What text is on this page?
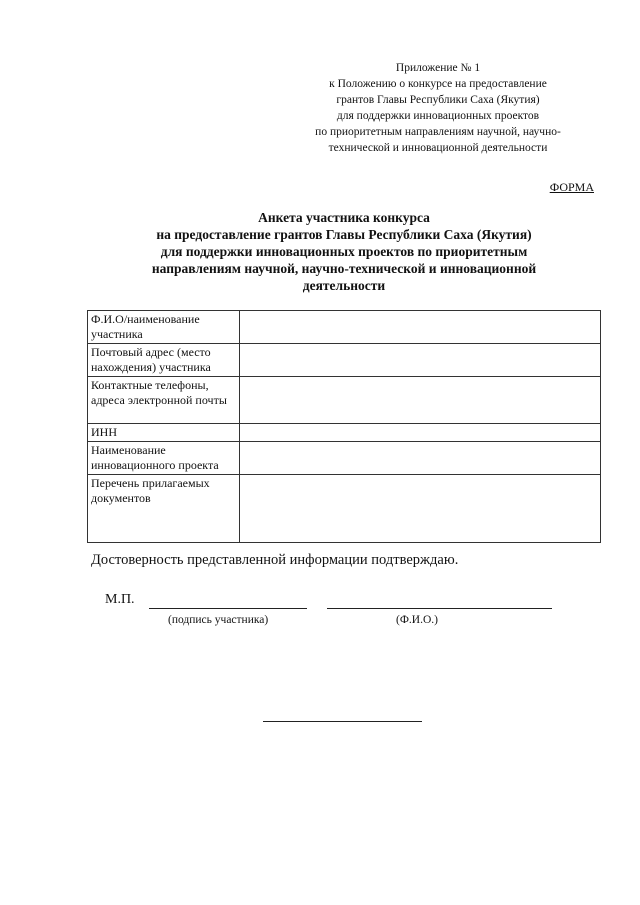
Приложение № 1
к Положению о конкурсе на предоставление
грантов Главы Республики Саха (Якутия)
для поддержки инновационных проектов
по приоритетным направлениям научной, научно-
технической и инновационной деятельности
ФОРМА
Анкета участника конкурса
на предоставление грантов Главы Республики Саха (Якутия)
для поддержки инновационных проектов по приоритетным
направлениям научной, научно-технической и инновационной
деятельности
Ф.И.О/наименование участника	
Почтовый адрес (место нахождения) участника	
Контактные телефоны, адреса электронной почты	
ИНН	
Наименование инновационного проекта	
Перечень прилагаемых документов	
Достоверность представленной информации подтверждаю.
М.П.
(подпись участника)	(Ф.И.О.)
